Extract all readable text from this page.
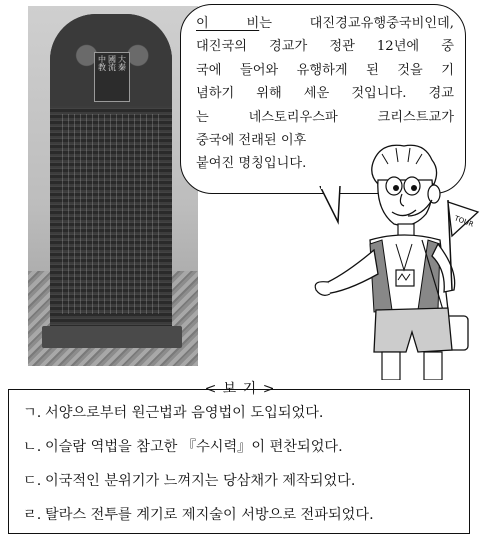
大秦
國流
中教
이 비는 대진경교유행중국비인데,
대진국의 경교가 정관 12년에 중
국에 들어와 유행하게 된 것을 기
념하기 위해 세운 것입니다. 경교
는 네스토리우스파 크리스트교가
중국에 전래된 이후
붙여진 명칭입니다.
TOUR
< 보 기 >
ㄱ. 서양으로부터 원근법과 음영법이 도입되었다.
ㄴ. 이슬람 역법을 참고한 『수시력』이 편찬되었다.
ㄷ. 이국적인 분위기가 느껴지는 당삼채가 제작되었다.
ㄹ. 탈라스 전투를 계기로 제지술이 서방으로 전파되었다.
